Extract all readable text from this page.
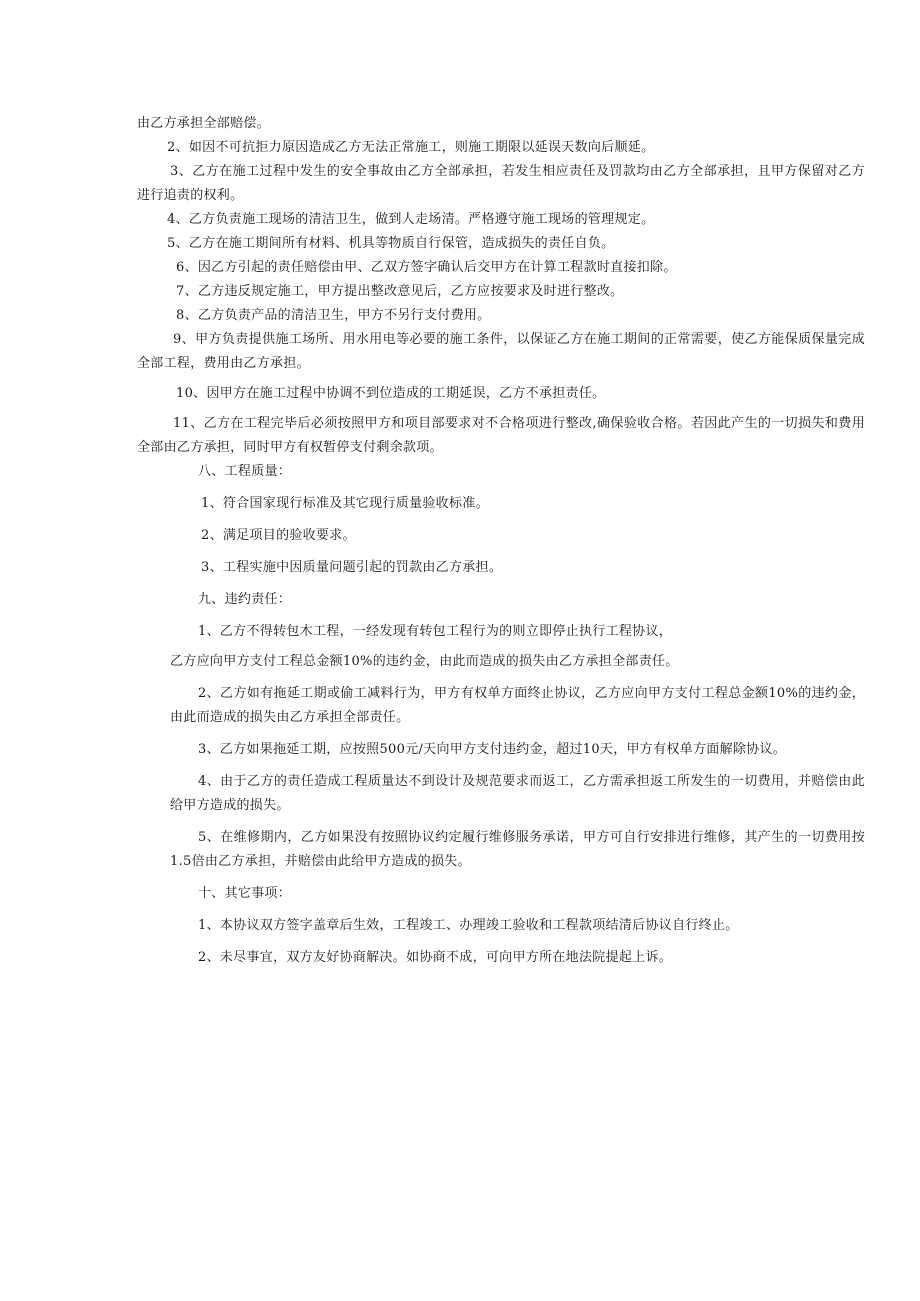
由乙方承担全部赔偿。

2、如因不可抗拒力原因造成乙方无法正常施工，则施工期限以延误天数向后顺延。

3、乙方在施工过程中发生的安全事故由乙方全部承担，若发生相应责任及罚款均由乙方全部承担，且甲方保留对乙方进行追责的权利。

4、乙方负责施工现场的清洁卫生，做到人走场清。严格遵守施工现场的管理规定。

5、乙方在施工期间所有材料、机具等物质自行保管，造成损失的责任自负。

6、因乙方引起的责任赔偿由甲、乙双方签字确认后交甲方在计算工程款时直接扣除。

7、乙方违反规定施工，甲方提出整改意见后，乙方应按要求及时进行整改。

8、乙方负责产品的清洁卫生，甲方不另行支付费用。

9、甲方负责提供施工场所、用水用电等必要的施工条件，以保证乙方在施工期间的正常需要，使乙方能保质保量完成全部工程，费用由乙方承担。

10、因甲方在施工过程中协调不到位造成的工期延误，乙方不承担责任。

11、乙方在工程完毕后必须按照甲方和项目部要求对不合格项进行整改,确保验收合格。若因此产生的一切损失和费用全部由乙方承担，同时甲方有权暂停支付剩余款项。

八、工程质量：

1、符合国家现行标准及其它现行质量验收标准。

2、满足项目的验收要求。

3、工程实施中因质量问题引起的罚款由乙方承担。

九、违约责任：

1、乙方不得转包木工程，一经发现有转包工程行为的则立即停止执行工程协议，

乙方应向甲方支付工程总金额10%的违约金，由此而造成的损失由乙方承担全部责任。

2、乙方如有拖延工期或偷工减料行为，甲方有权单方面终止协议，乙方应向甲方支付工程总金额10%的违约金，由此而造成的损失由乙方承担全部责任。

3、乙方如果拖延工期，应按照500元/天向甲方支付违约金，超过10天，甲方有权单方面解除协议。

4、由于乙方的责任造成工程质量达不到设计及规范要求而返工，乙方需承担返工所发生的一切费用，并赔偿由此给甲方造成的损失。

5、在维修期内，乙方如果没有按照协议约定履行维修服务承诺，甲方可自行安排进行维修，其产生的一切费用按1.5倍由乙方承担，并赔偿由此给甲方造成的损失。

十、其它事项：

1、本协议双方签字盖章后生效，工程竣工、办理竣工验收和工程款项结清后协议自行终止。

2、未尽事宜，双方友好协商解决。如协商不成，可向甲方所在地法院提起上诉。
